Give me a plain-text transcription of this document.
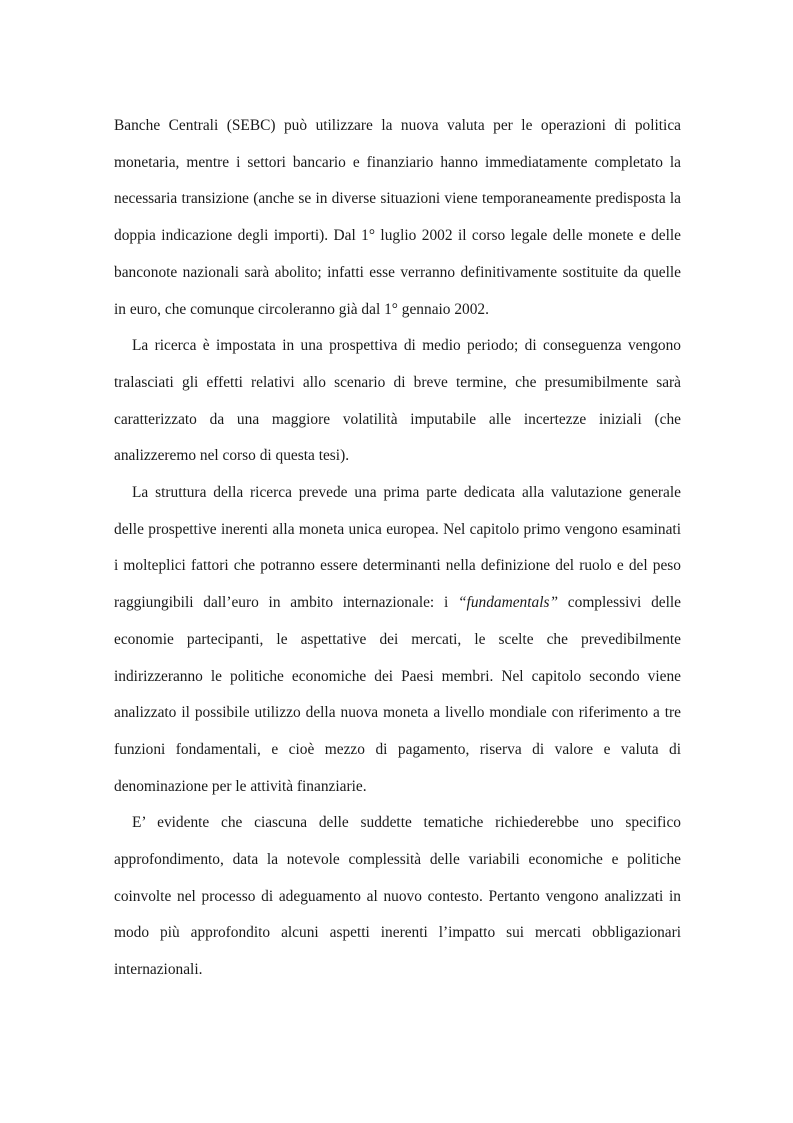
Banche Centrali (SEBC) può utilizzare la nuova valuta per le operazioni di politica monetaria, mentre i settori bancario e finanziario hanno immediatamente completato la necessaria transizione (anche se in diverse situazioni viene temporaneamente predisposta la doppia indicazione degli importi). Dal 1° luglio 2002 il corso legale delle monete e delle banconote nazionali sarà abolito; infatti esse verranno definitivamente sostituite da quelle in euro, che comunque circoleranno già dal 1° gennaio 2002.

La ricerca è impostata in una prospettiva di medio periodo; di conseguenza vengono tralasciati gli effetti relativi allo scenario di breve termine, che presumibilmente sarà caratterizzato da una maggiore volatilità imputabile alle incertezze iniziali (che analizzeremo nel corso di questa tesi).

La struttura della ricerca prevede una prima parte dedicata alla valutazione generale delle prospettive inerenti alla moneta unica europea. Nel capitolo primo vengono esaminati i molteplici fattori che potranno essere determinanti nella definizione del ruolo e del peso raggiungibili dall’euro in ambito internazionale: i “fundamentals” complessivi delle economie partecipanti, le aspettative dei mercati, le scelte che prevedibilmente indirizzeranno le politiche economiche dei Paesi membri. Nel capitolo secondo viene analizzato il possibile utilizzo della nuova moneta a livello mondiale con riferimento a tre funzioni fondamentali, e cioè mezzo di pagamento, riserva di valore e valuta di denominazione per le attività finanziarie.

E’ evidente che ciascuna delle suddette tematiche richiederebbe uno specifico approfondimento, data la notevole complessità delle variabili economiche e politiche coinvolte nel processo di adeguamento al nuovo contesto. Pertanto vengono analizzati in modo più approfondito alcuni aspetti inerenti l’impatto sui mercati obbligazionari internazionali.
